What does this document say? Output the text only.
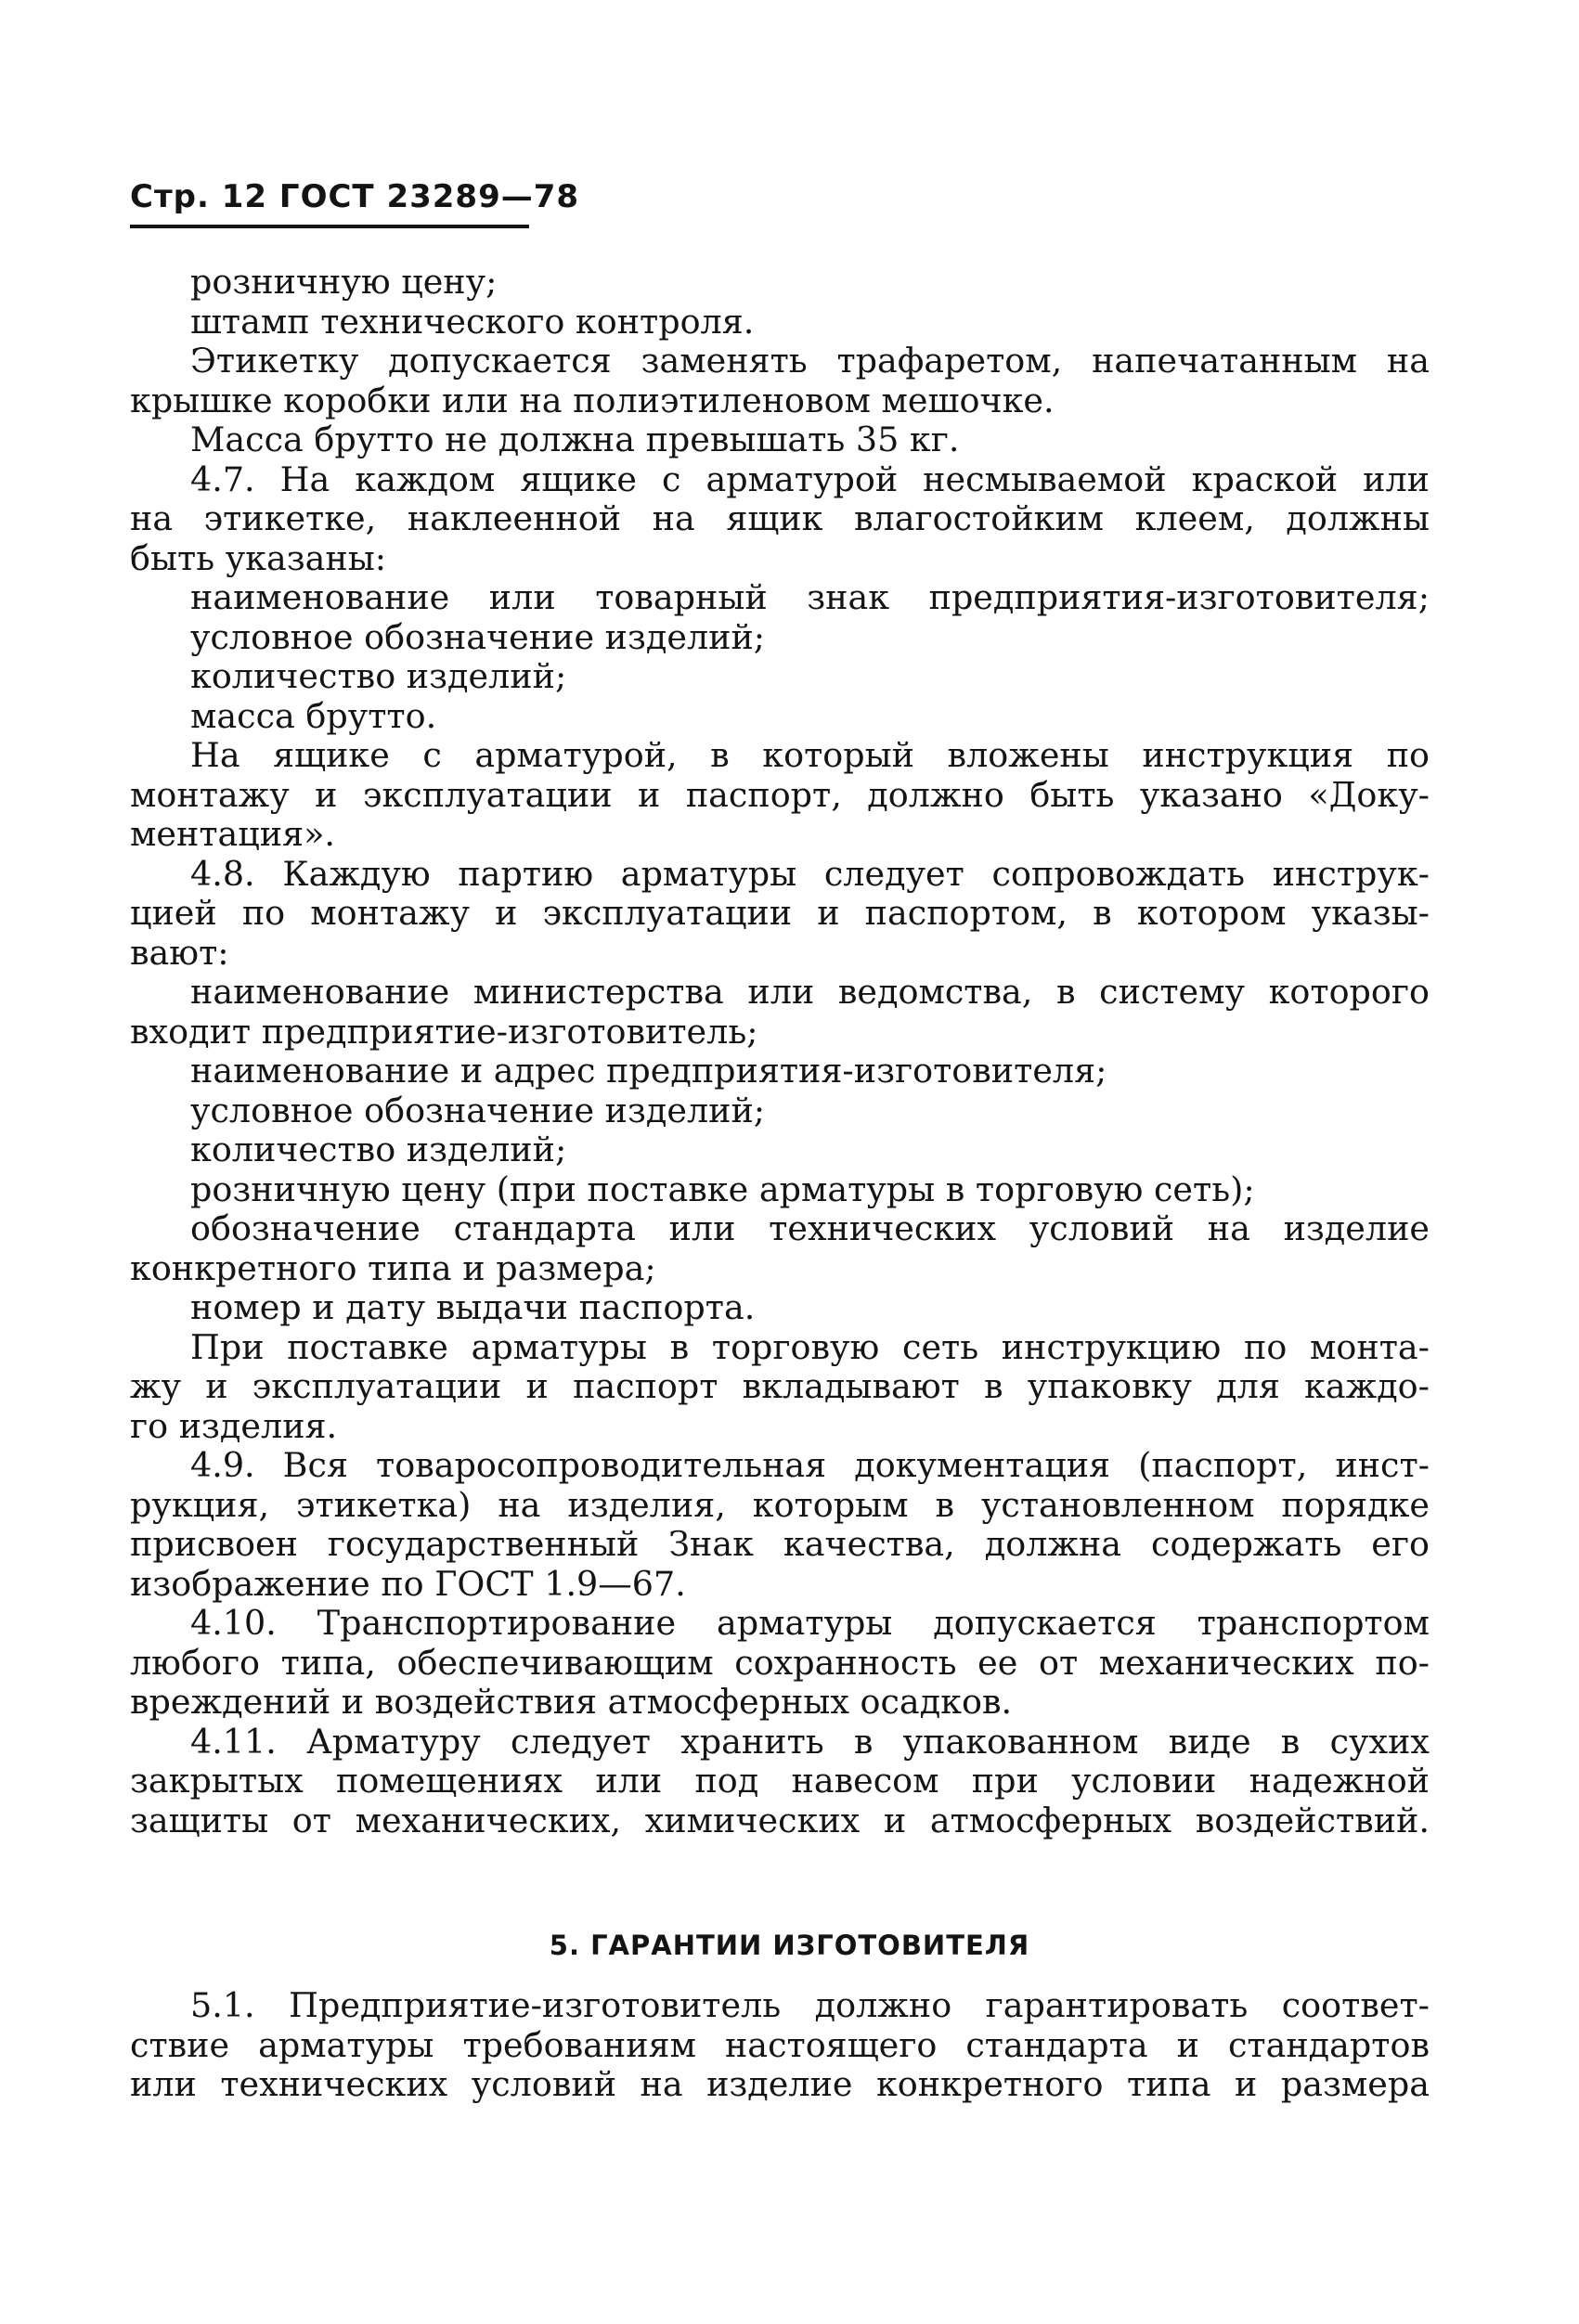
Стр. 12 ГОСТ 23289—78
розничную цену;
штамп технического контроля.
Этикетку допускается заменять трафаретом, напечатанным на
крышке коробки или на полиэтиленовом мешочке.
Масса брутто не должна превышать 35 кг.
4.7. На каждом ящике с арматурой несмываемой краской или
на этикетке, наклеенной на ящик влагостойким клеем, должны
быть указаны:
наименование или товарный знак предприятия-изготовителя;
условное обозначение изделий;
количество изделий;
масса брутто.
На ящике с арматурой, в который вложены инструкция по
монтажу и эксплуатации и паспорт, должно быть указано «Доку-
ментация».
4.8. Каждую партию арматуры следует сопровождать инструк-
цией по монтажу и эксплуатации и паспортом, в котором указы-
вают:
наименование министерства или ведомства, в систему которого
входит предприятие-изготовитель;
наименование и адрес предприятия-изготовителя;
условное обозначение изделий;
количество изделий;
розничную цену (при поставке арматуры в торговую сеть);
обозначение стандарта или технических условий на изделие
конкретного типа и размера;
номер и дату выдачи паспорта.
При поставке арматуры в торговую сеть инструкцию по монта-
жу и эксплуатации и паспорт вкладывают в упаковку для каждо-
го изделия.
4.9. Вся товаросопроводительная документация (паспорт, инст-
рукция, этикетка) на изделия, которым в установленном порядке
присвоен государственный Знак качества, должна содержать его
изображение по ГОСТ 1.9—67.
4.10. Транспортирование арматуры допускается транспортом
любого типа, обеспечивающим сохранность ее от механических по-
вреждений и воздействия атмосферных осадков.
4.11. Арматуру следует хранить в упакованном виде в сухих
закрытых помещениях или под навесом при условии надежной
защиты от механических, химических и атмосферных воздействий.
5. ГАРАНТИИ ИЗГОТОВИТЕЛЯ
5.1. Предприятие-изготовитель должно гарантировать соответ-
ствие арматуры требованиям настоящего стандарта и стандартов
или технических условий на изделие конкретного типа и размера
